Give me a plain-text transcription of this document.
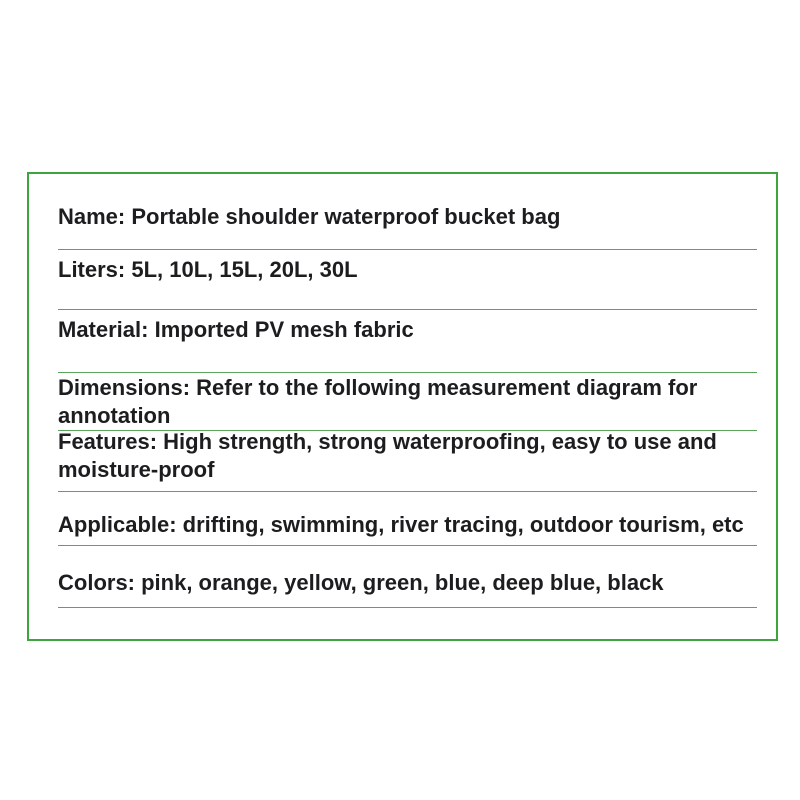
Name: Portable shoulder waterproof bucket bag
Liters: 5L, 10L, 15L, 20L, 30L
Material: Imported PV mesh fabric
Dimensions: Refer to the following measurement diagram for
annotation
Features: High strength, strong waterproofing, easy to use and
moisture-proof
Applicable: drifting, swimming, river tracing, outdoor tourism, etc
Colors: pink, orange, yellow, green, blue, deep blue, black
